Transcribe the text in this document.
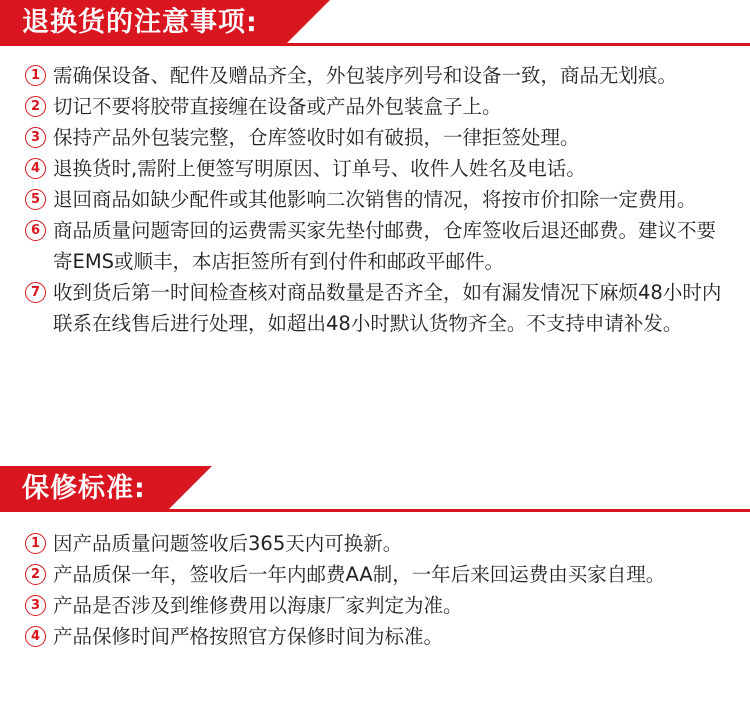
退换货的注意事项:
1 需确保设备、配件及赠品齐全，外包装序列号和设备一致，商品无划痕。
2 切记不要将胶带直接缠在设备或产品外包装盒子上。
3 保持产品外包装完整，仓库签收时如有破损，一律拒签处理。
4 退换货时,需附上便签写明原因、订单号、收件人姓名及电话。
5 退回商品如缺少配件或其他影响二次销售的情况，将按市价扣除一定费用。
6 商品质量问题寄回的运费需买家先垫付邮费，仓库签收后退还邮费。建议不要寄EMS或顺丰，本店拒签所有到付件和邮政平邮件。
7 收到货后第一时间检查核对商品数量是否齐全，如有漏发情况下麻烦48小时内联系在线售后进行处理，如超出48小时默认货物齐全。不支持申请补发。
保修标准:
1 因产品质量问题签收后365天内可换新。
2 产品质保一年，签收后一年内邮费AA制，一年后来回运费由买家自理。
3 产品是否涉及到维修费用以海康厂家判定为准。
4 产品保修时间严格按照官方保修时间为标准。
